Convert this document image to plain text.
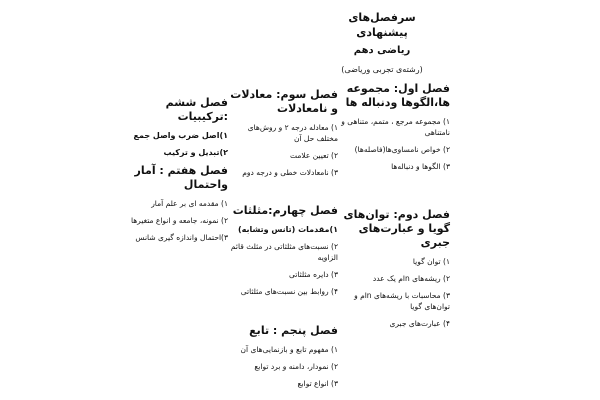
سرفصل‌های پیشنهادی
ریاضی دهم
(رشته‌ی تجربی وریاضی)
فصل اول: مجموعه ها،الگوها ودنباله ها
۱) مجموعه مرجع ، متمم، متناهی و نامتناهی
۲) خواص نامساوی‌ها(فاصله‌ها)
۳) الگوها و دنباله‌ها
فصل دوم: توان‌های گویا و عبارت‌های جبری
۱) توان گویا
۲) ریشه‌های nام یک عدد
۳) محاسبات با ریشه‌های nام و توان‌های گویا
۴) عبارت‌های جبری
فصل سوم: معادلات و نامعادلات
۱) معادله درجه ۲ و روش‌های مختلف حل آن
۲) تعیین علامت
۳) نامعادلات خطی و درجه دوم
فصل چهارم:مثلثات
۱)مقدمات (تانس وتشابه)
۲) نسبت‌های مثلثاتی در مثلث قائم الزاویه
۳) دایره مثلثاتی
۴) روابط بین نسبت‌های مثلثاتی
فصل پنجم : تابع
۱) مفهوم تابع و بازنمایی‌های آن
۲) نمودار، دامنه و برد توابع
۳) انواع توابع
فصل ششم :ترکیبیات
۱)اصل ضرب واصل جمع
۲)تبدیل و ترکیب
فصل هفتم : آمار واحتمال
۱) مقدمه ای بر علم آمار
۲) نمونه، جامعه و انواع متغیرها
۳)احتمال واندازه گیری شانس
